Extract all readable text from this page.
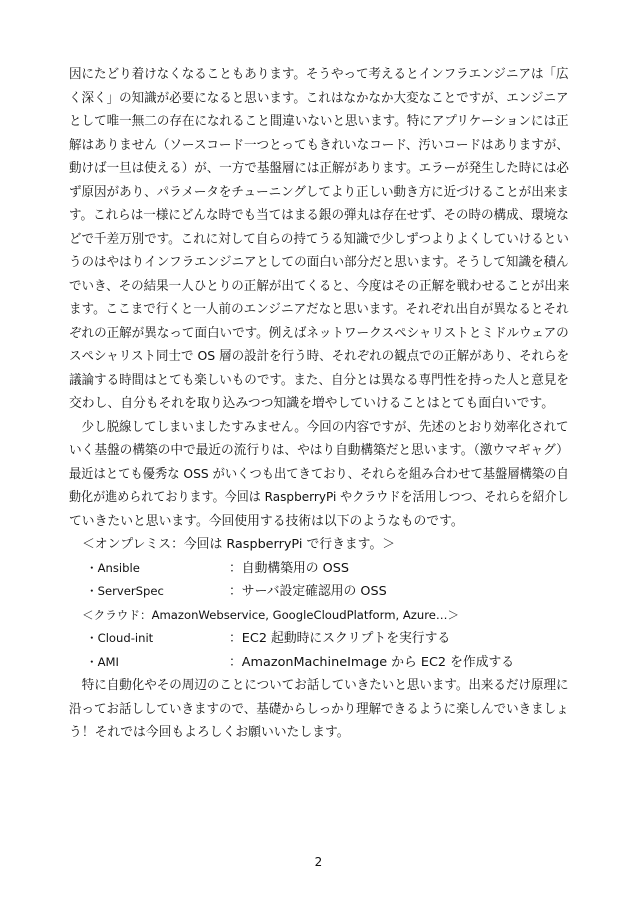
因にたどり着けなくなることもあります。そうやって考えるとインフラエンジニアは「広
く深く」の知識が必要になると思います。これはなかなか大変なことですが、エンジニア
として唯一無二の存在になれること間違いないと思います。特にアプリケーションには正
解はありません（ソースコード一つとってもきれいなコード、汚いコードはありますが、
動けば一旦は使える）が、一方で基盤層には正解があります。エラーが発生した時には必
ず原因があり、パラメータをチューニングしてより正しい動き方に近づけることが出来ま
す。これらは一様にどんな時でも当てはまる銀の弾丸は存在せず、その時の構成、環境な
どで千差万別です。これに対して自らの持てうる知識で少しずつよりよくしていけるとい
うのはやはりインフラエンジニアとしての面白い部分だと思います。そうして知識を積ん
でいき、その結果一人ひとりの正解が出てくると、今度はその正解を戦わせることが出来
ます。ここまで行くと一人前のエンジニアだなと思います。それぞれ出自が異なるとそれ
ぞれの正解が異なって面白いです。例えばネットワークスペシャリストとミドルウェアの
スペシャリスト同士で OS 層の設計を行う時、それぞれの観点での正解があり、それらを
議論する時間はとても楽しいものです。また、自分とは異なる専門性を持った人と意見を
交わし、自分もそれを取り込みつつ知識を増やしていけることはとても面白いです。
少し脱線してしまいましたすみません。今回の内容ですが、先述のとおり効率化されて
いく基盤の構築の中で最近の流行りは、やはり自動構築だと思います。（激ウマギャグ）
最近はとても優秀な OSS がいくつも出てきており、それらを組み合わせて基盤層構築の自
動化が進められております。今回は RaspberryPi やクラウドを活用しつつ、それらを紹介し
ていきたいと思います。今回使用する技術は以下のようなものです。
＜オンプレミス：今回は RaspberryPi で行きます。＞
・Ansible	：自動構築用の OSS
・ServerSpec	：サーバ設定確認用の OSS
＜クラウド：AmazonWebservice, GoogleCloudPlatform, Azure…＞
・Cloud-init	：EC2 起動時にスクリプトを実行する
・AMI	：AmazonMachineImage から EC2 を作成する
特に自動化やその周辺のことについてお話していきたいと思います。出来るだけ原理に
沿ってお話ししていきますので、基礎からしっかり理解できるように楽しんでいきましょ
う！それでは今回もよろしくお願いいたします。
2
